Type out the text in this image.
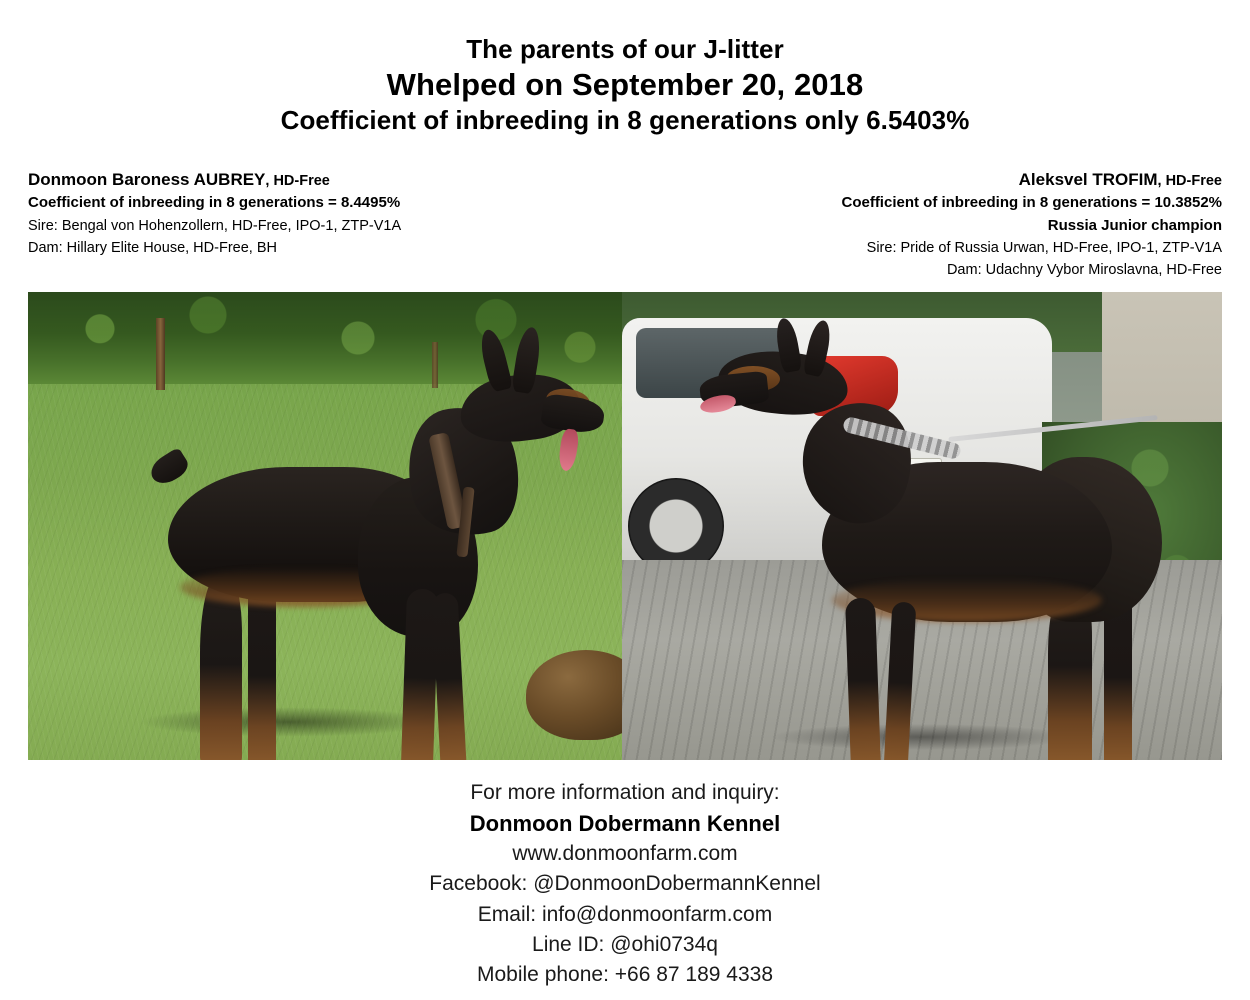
The parents of our J-litter
Whelped on September 20, 2018
Coefficient of inbreeding in 8 generations only 6.5403%
Donmoon Baroness AUBREY, HD-Free
Coefficient of inbreeding in 8 generations = 8.4495%
Sire: Bengal von Hohenzollern, HD-Free, IPO-1, ZTP-V1A
Dam: Hillary Elite House, HD-Free, BH
Aleksvel TROFIM, HD-Free
Coefficient of inbreeding in 8 generations = 10.3852%
Russia Junior champion
Sire: Pride of Russia Urwan, HD-Free, IPO-1, ZTP-V1A
Dam: Udachny Vybor Miroslavna, HD-Free
For more information and inquiry:
Donmoon Dobermann Kennel
www.donmoonfarm.com
Facebook: @DonmoonDobermannKennel
Email: info@donmoonfarm.com
Line ID: @ohi0734q
Mobile phone: +66 87 189 4338
